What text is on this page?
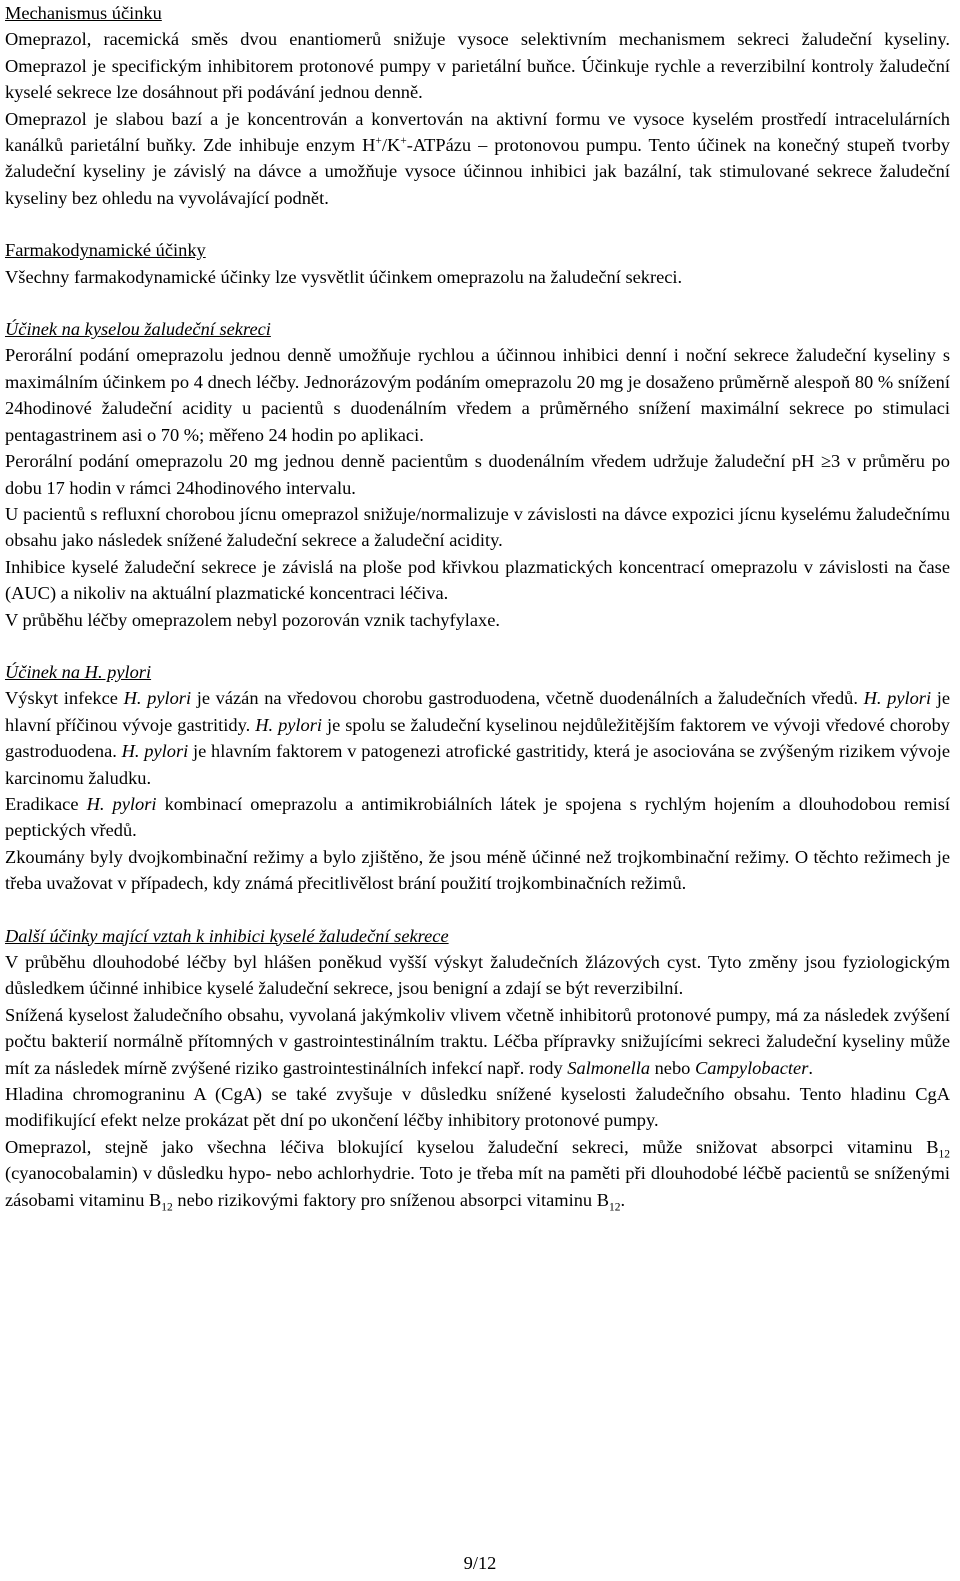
Mechanismus účinku

Omeprazol, racemická směs dvou enantiomerů snižuje vysoce selektivním mechanismem sekreci žaludeční kyseliny. Omeprazol je specifickým inhibitorem protonové pumpy v parietální buňce. Účinkuje rychle a reverzibilní kontroly žaludeční kyselé sekrece lze dosáhnout při podávání jednou denně.

Omeprazol je slabou bazí a je koncentrován a konvertován na aktivní formu ve vysoce kyselém prostředí intracelulárních kanálků parietální buňky. Zde inhibuje enzym H+/K+-ATPázu – protonovou pumpu. Tento účinek na konečný stupeň tvorby žaludeční kyseliny je závislý na dávce a umožňuje vysoce účinnou inhibici jak bazální, tak stimulované sekrece žaludeční kyseliny bez ohledu na vyvolávající podnět.

Farmakodynamické účinky

Všechny farmakodynamické účinky lze vysvětlit účinkem omeprazolu na žaludeční sekreci.

Účinek na kyselou žaludeční sekreci

Perorální podání omeprazolu jednou denně umožňuje rychlou a účinnou inhibici denní i noční sekrece žaludeční kyseliny s maximálním účinkem po 4 dnech léčby. Jednorázovým podáním omeprazolu 20 mg je dosaženo průměrně alespoň 80 % snížení 24hodinové žaludeční acidity u pacientů s duodenálním vředem a průměrného snížení maximální sekrece po stimulaci pentagastrinem asi o 70 %; měřeno 24 hodin po aplikaci.

Perorální podání omeprazolu 20 mg jednou denně pacientům s duodenálním vředem udržuje žaludeční pH ≥3 v průměru po dobu 17 hodin v rámci 24hodinového intervalu.

U pacientů s refluxní chorobou jícnu omeprazol snižuje/normalizuje v závislosti na dávce expozici jícnu kyselému žaludečnímu obsahu jako následek snížené žaludeční sekrece a žaludeční acidity.

Inhibice kyselé žaludeční sekrece je závislá na ploše pod křivkou plazmatických koncentrací omeprazolu v závislosti na čase (AUC) a nikoliv na aktuální plazmatické koncentraci léčiva.

V průběhu léčby omeprazolem nebyl pozorován vznik tachyfylaxe.

Účinek na H. pylori

Výskyt infekce H. pylori je vázán na vředovou chorobu gastroduodena, včetně duodenálních a žaludečních vředů. H. pylori je hlavní příčinou vývoje gastritidy. H. pylori je spolu se žaludeční kyselinou nejdůležitějším faktorem ve vývoji vředové choroby gastroduodena. H. pylori je hlavním faktorem v patogenezi atrofické gastritidy, která je asociována se zvýšeným rizikem vývoje karcinomu žaludku.

Eradikace H. pylori kombinací omeprazolu a antimikrobiálních látek je spojena s rychlým hojením a dlouhodobou remisí peptických vředů.

Zkoumány byly dvojkombinační režimy a bylo zjištěno, že jsou méně účinné než trojkombinační režimy. O těchto režimech je třeba uvažovat v případech, kdy známá přecitlivělost brání použití trojkombinačních režimů.

Další účinky mající vztah k inhibici kyselé žaludeční sekrece

V průběhu dlouhodobé léčby byl hlášen poněkud vyšší výskyt žaludečních žlázových cyst. Tyto změny jsou fyziologickým důsledkem účinné inhibice kyselé žaludeční sekrece, jsou benigní a zdají se být reverzibilní.

Snížená kyselost žaludečního obsahu, vyvolaná jakýmkoliv vlivem včetně inhibitorů protonové pumpy, má za následek zvýšení počtu bakterií normálně přítomných v gastrointestinálním traktu. Léčba přípravky snižujícími sekreci žaludeční kyseliny může mít za následek mírně zvýšené riziko gastrointestinálních infekcí např. rody Salmonella nebo Campylobacter.

Hladina chromograninu A (CgA) se také zvyšuje v důsledku snížené kyselosti žaludečního obsahu. Tento hladinu CgA modifikující efekt nelze prokázat pět dní po ukončení léčby inhibitory protonové pumpy.

Omeprazol, stejně jako všechna léčiva blokující kyselou žaludeční sekreci, může snižovat absorpci vitaminu $B_{12}$ (cyanocobalamin) v důsledku hypo- nebo achlorhydrie. Toto je třeba mít na paměti při dlouhodobé léčbě pacientů se sníženými zásobami vitaminu $B_{12}$ nebo rizikovými faktory pro sníženou absorpci vitaminu $B_{12}$.

9/12
